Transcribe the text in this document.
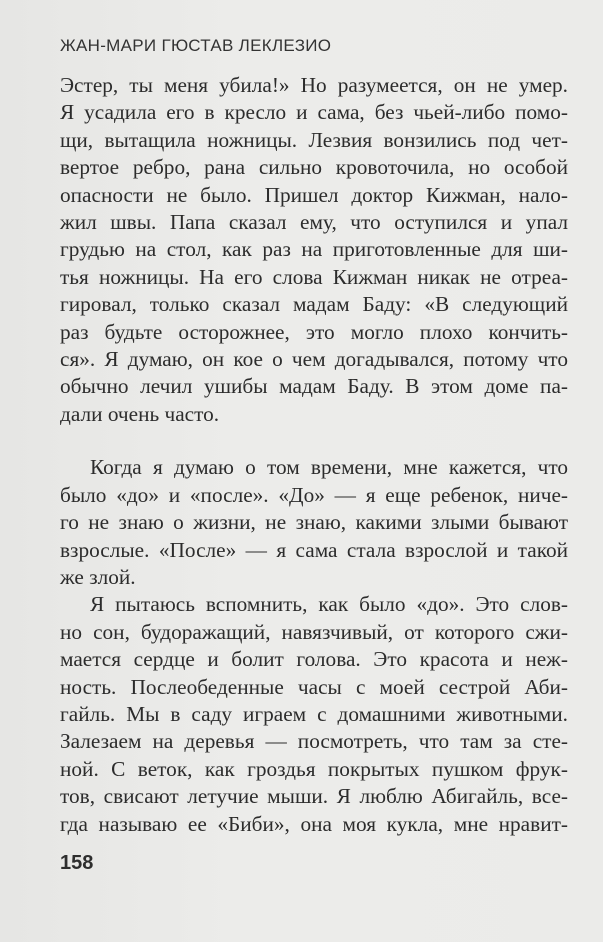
ЖАН-МАРИ ГЮСТАВ ЛЕКЛЕЗИО
Эстер, ты меня убила!» Но разумеется, он не умер.
Я усадила его в кресло и сама, без чьей-либо помо-
щи, вытащила ножницы. Лезвия вонзились под чет-
вертое ребро, рана сильно кровоточила, но особой
опасности не было. Пришел доктор Кижман, нало-
жил швы. Папа сказал ему, что оступился и упал
грудью на стол, как раз на приготовленные для ши-
тья ножницы. На его слова Кижман никак не отреа-
гировал, только сказал мадам Баду: «В следующий
раз будьте осторожнее, это могло плохо кончить-
ся». Я думаю, он кое о чем догадывался, потому что
обычно лечил ушибы мадам Баду. В этом доме па-
дали очень часто.
Когда я думаю о том времени, мне кажется, что
было «до» и «после». «До» — я еще ребенок, ниче-
го не знаю о жизни, не знаю, какими злыми бывают
взрослые. «После» — я сама стала взрослой и такой
же злой.
Я пытаюсь вспомнить, как было «до». Это слов-
но сон, будоражащий, навязчивый, от которого сжи-
мается сердце и болит голова. Это красота и неж-
ность. Послеобеденные часы с моей сестрой Аби-
гайль. Мы в саду играем с домашними животными.
Залезаем на деревья — посмотреть, что там за сте-
ной. С веток, как гроздья покрытых пушком фрук-
тов, свисают летучие мыши. Я люблю Абигайль, все-
гда называю ее «Биби», она моя кукла, мне нравит-
158
